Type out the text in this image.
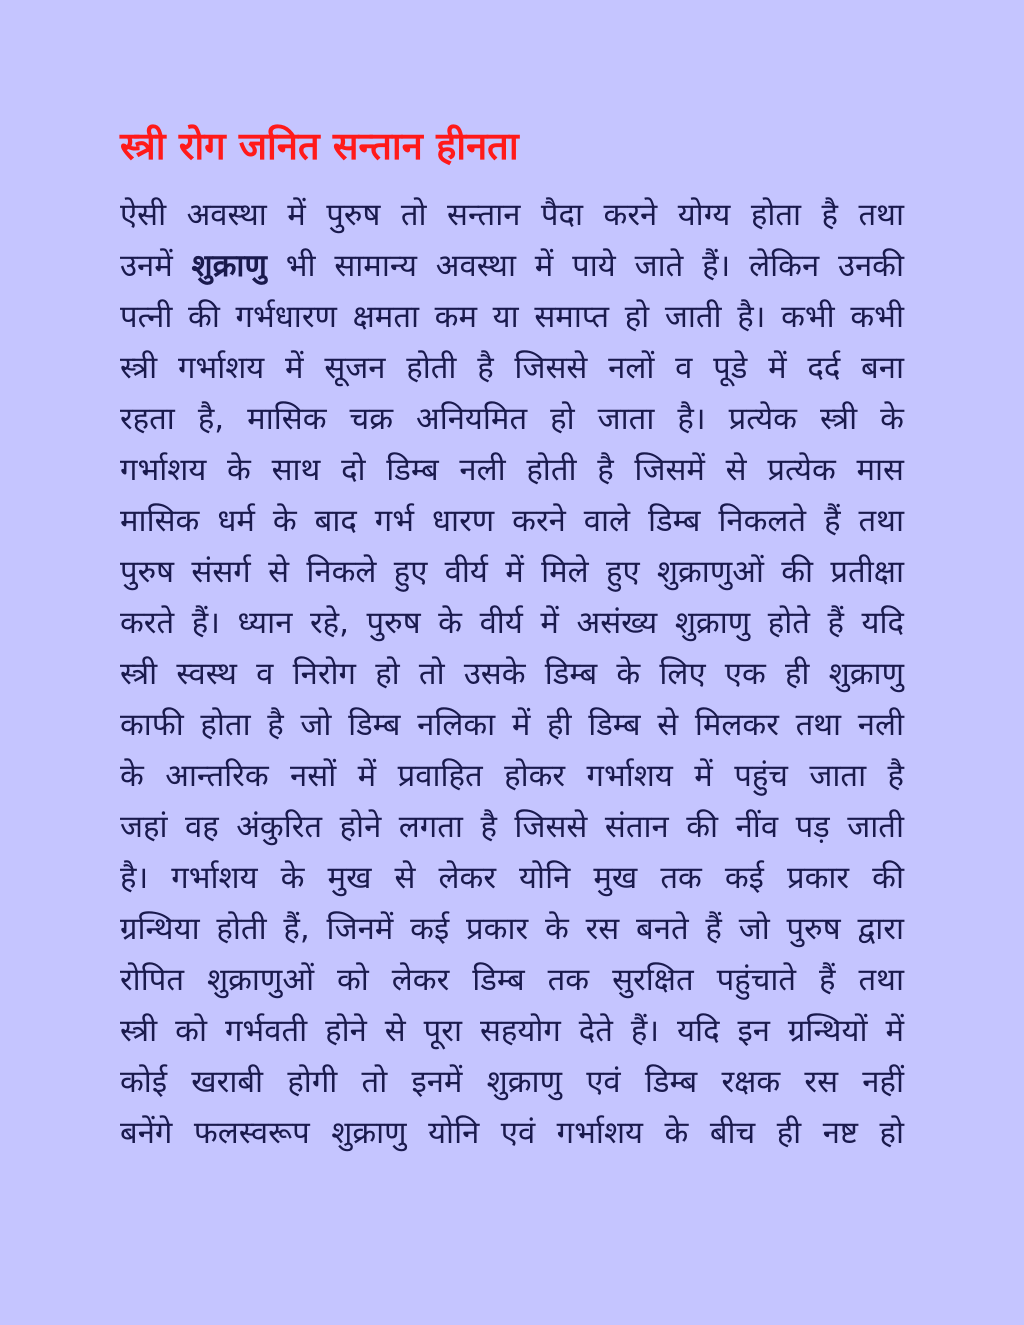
स्त्री रोग जनित सन्तान हीनता
ऐसी अवस्था में पुरुष तो सन्तान पैदा करने योग्य होता है तथा
उनमें शुक्राणु भी सामान्य अवस्था में पाये जाते हैं। लेकिन उनकी
पत्नी की गर्भधारण क्षमता कम या समाप्त हो जाती है। कभी कभी
स्त्री गर्भाशय में सूजन होती है जिससे नलों व पूडे में दर्द बना
रहता है, मासिक चक्र अनियमित हो जाता है। प्रत्येक स्त्री के
गर्भाशय के साथ दो डिम्ब नली होती है जिसमें से प्रत्येक मास
मासिक धर्म के बाद गर्भ धारण करने वाले डिम्ब निकलते हैं तथा
पुरुष संसर्ग से निकले हुए वीर्य में मिले हुए शुक्राणुओं की प्रतीक्षा
करते हैं। ध्यान रहे, पुरुष के वीर्य में असंख्य शुक्राणु होते हैं यदि
स्त्री स्वस्थ व निरोग हो तो उसके डिम्ब के लिए एक ही शुक्राणु
काफी होता है जो डिम्ब नलिका में ही डिम्ब से मिलकर तथा नली
के आन्तरिक नसों में प्रवाहित होकर गर्भाशय में पहुंच जाता है
जहां वह अंकुरित होने लगता है जिससे संतान की नींव पड़ जाती
है। गर्भाशय के मुख से लेकर योनि मुख तक कई प्रकार की
ग्रन्थिया होती हैं, जिनमें कई प्रकार के रस बनते हैं जो पुरुष द्वारा
रोपित शुक्राणुओं को लेकर डिम्ब तक सुरक्षित पहुंचाते हैं तथा
स्त्री को गर्भवती होने से पूरा सहयोग देते हैं। यदि इन ग्रन्थियों में
कोई खराबी होगी तो इनमें शुक्राणु एवं डिम्ब रक्षक रस नहीं
बनेंगे फलस्वरूप शुक्राणु योनि एवं गर्भाशय के बीच ही नष्ट हो
